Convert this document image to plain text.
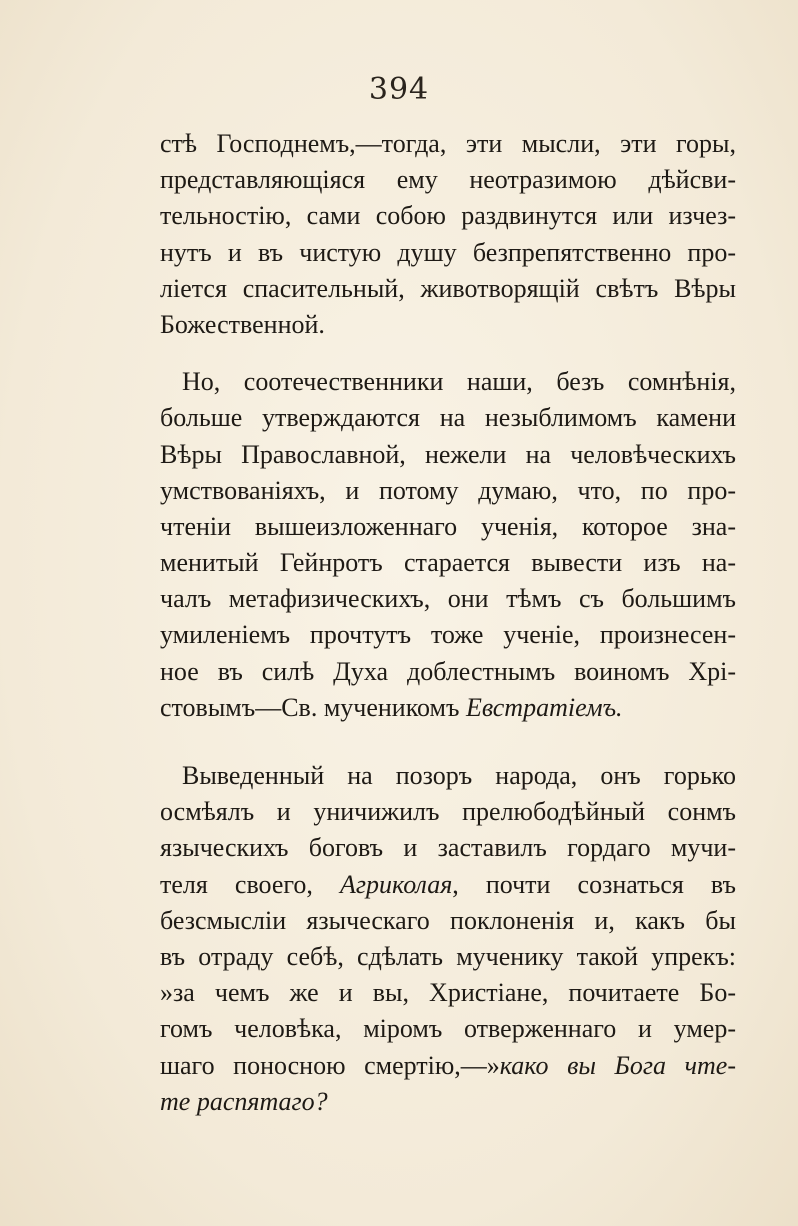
394
стѣ Господнемъ,—тогда, эти мысли, эти горы,
представляющіяся ему неотразимою дѣйсви-
тельностію, сами собою раздвинутся или изчез-
нутъ и въ чистую душу безпрепятственно про-
ліется спасительный, животворящій свѣтъ Вѣры
Божественной.
Но, соотечественники наши, безъ сомнѣнія,
больше утверждаются на незыблимомъ камени
Вѣры Православной, нежели на человѣческихъ
умствованіяхъ, и потому думаю, что, по про-
чтеніи вышеизложеннаго ученія, которое зна-
менитый Гейнротъ старается вывести изъ на-
чалъ метафизическихъ, они тѣмъ съ большимъ
умиленіемъ прочтутъ тоже ученіе, произнесен-
ное въ силѣ Духа доблестнымъ воиномъ Хрі-
стовымъ—Св. мученикомъ Евстратіемъ.
Выведенный на позоръ народа, онъ горько
осмѣялъ и уничижилъ прелюбодѣйный сонмъ
языческихъ боговъ и заставилъ гордаго мучи-
теля своего, Агриколая, почти сознаться въ
безсмысліи языческаго поклоненія и, какъ бы
въ отраду себѣ, сдѣлать мученику такой упрекъ:
»за чемъ же и вы, Христіане, почитаете Бо-
гомъ человѣка, міромъ отверженнаго и умер-
шаго поносною смертію,—»како вы Бога чте-
те распятаго?
